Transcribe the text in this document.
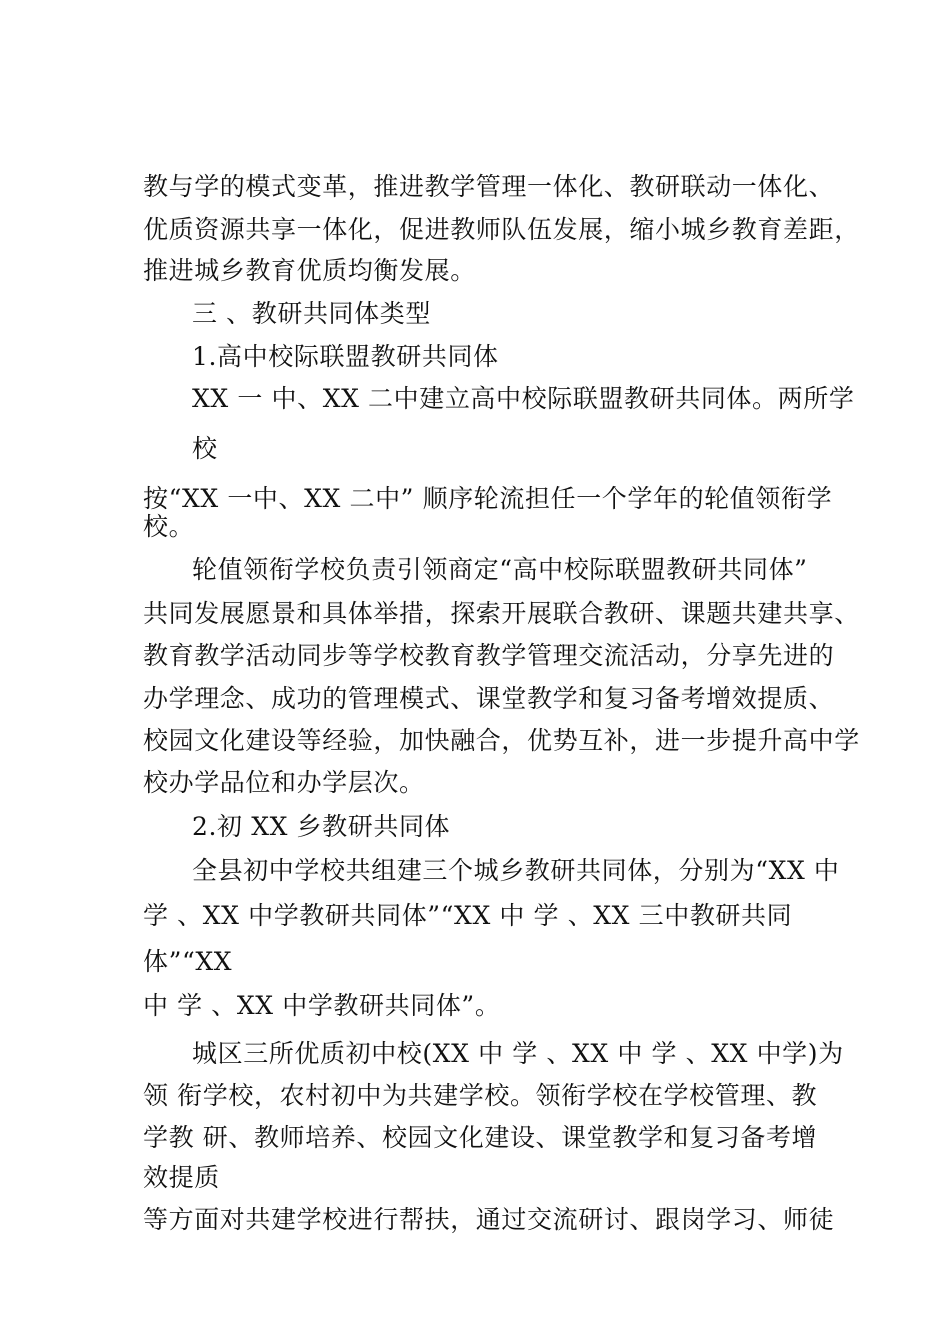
教与学的模式变革，推进教学管理一体化、教研联动一体化、
优质资源共享一体化，促进教师队伍发展，缩小城乡教育差距，
推进城乡教育优质均衡发展。
三 、教研共同体类型
1.高中校际联盟教研共同体
XX 一 中、XX 二中建立高中校际联盟教研共同体。两所学
校
按“XX 一中、XX 二中” 顺序轮流担任一个学年的轮值领衔学
校。
轮值领衔学校负责引领商定“高中校际联盟教研共同体”
共同发展愿景和具体举措，探索开展联合教研、课题共建共享、
教育教学活动同步等学校教育教学管理交流活动，分享先进的
办学理念、成功的管理模式、课堂教学和复习备考增效提质、
校园文化建设等经验，加快融合，优势互补，进一步提升高中学
校办学品位和办学层次。
2.初 XX 乡教研共同体
全县初中学校共组建三个城乡教研共同体，分别为“XX 中
学 、XX 中学教研共同体”“XX 中 学 、XX 三中教研共同
体”“XX
中 学 、XX 中学教研共同体”。
城区三所优质初中校(XX 中 学 、XX 中 学 、XX 中学)为
领 衔学校，农村初中为共建学校。领衔学校在学校管理、教
学教 研、教师培养、校园文化建设、课堂教学和复习备考增
效提质
等方面对共建学校进行帮扶，通过交流研讨、跟岗学习、师徒
